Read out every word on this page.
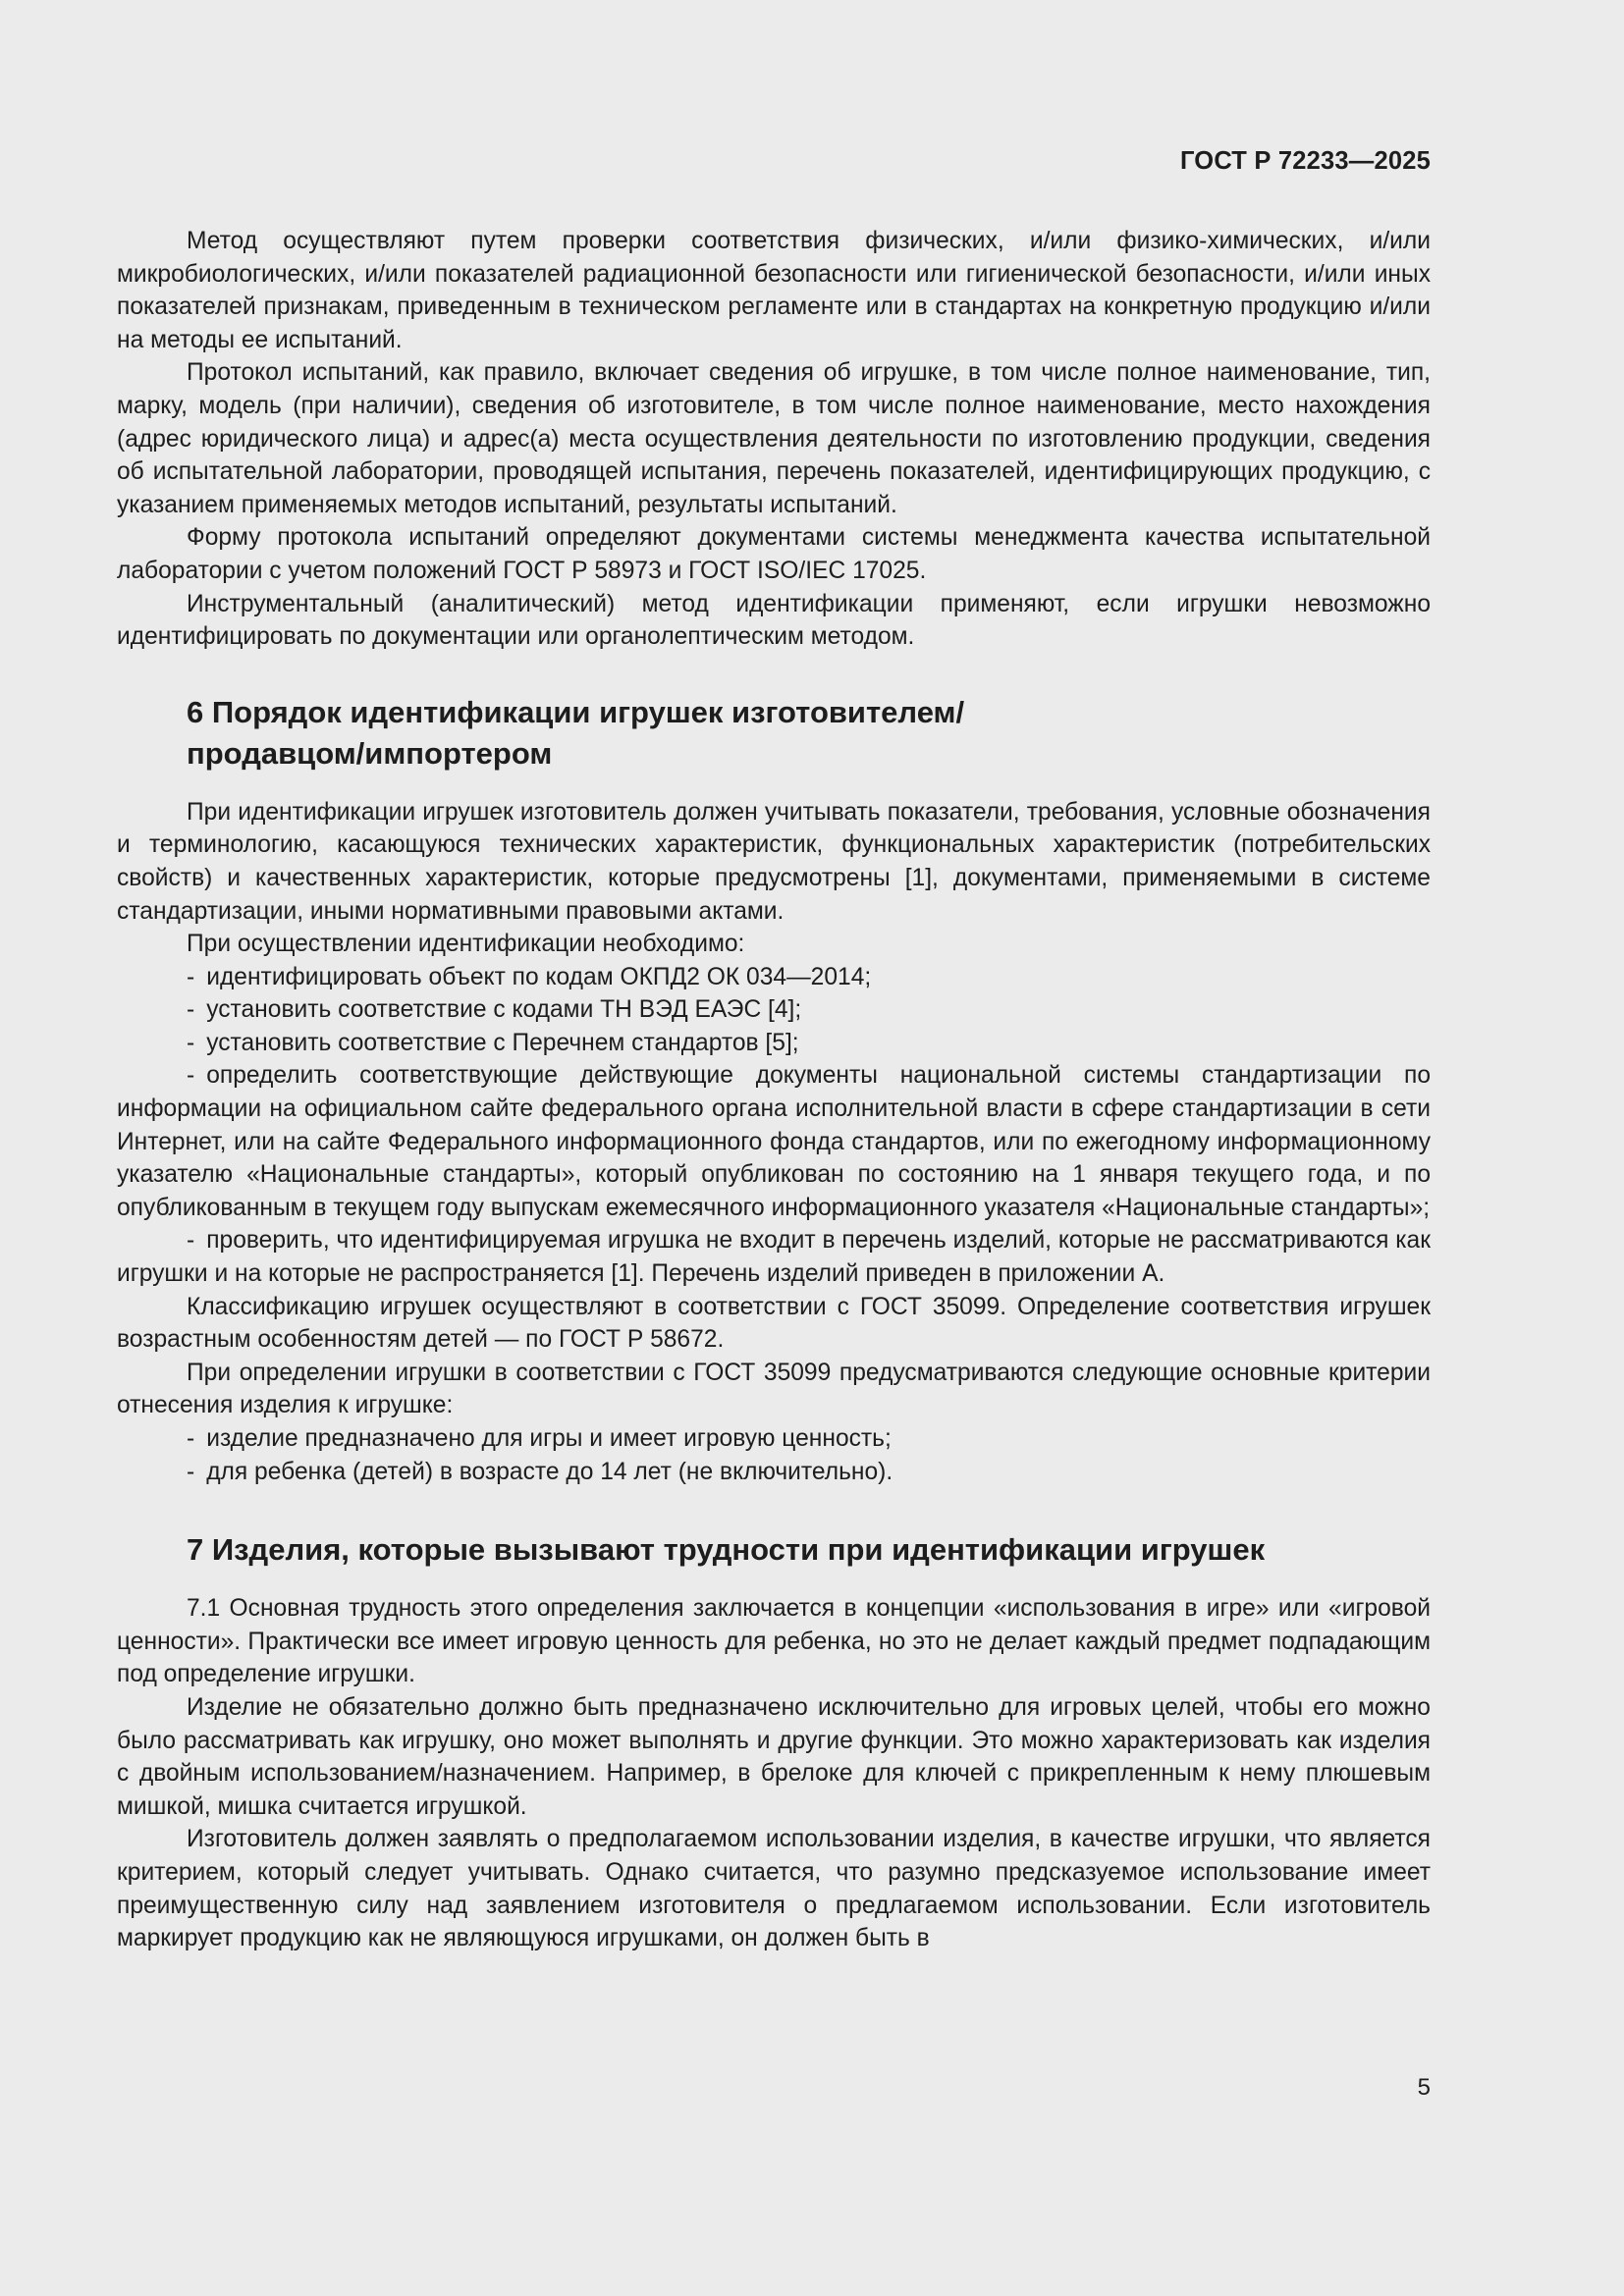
ГОСТ Р 72233—2025

Метод осуществляют путем проверки соответствия физических, и/или физико-химических, и/или микробиологических, и/или показателей радиационной безопасности или гигиенической безопасности, и/или иных показателей признакам, приведенным в техническом регламенте или в стандартах на конкретную продукцию и/или на методы ее испытаний.

Протокол испытаний, как правило, включает сведения об игрушке, в том числе полное наименование, тип, марку, модель (при наличии), сведения об изготовителе, в том числе полное наименование, место нахождения (адрес юридического лица) и адрес(а) места осуществления деятельности по изготовлению продукции, сведения об испытательной лаборатории, проводящей испытания, перечень показателей, идентифицирующих продукцию, с указанием применяемых методов испытаний, результаты испытаний.

Форму протокола испытаний определяют документами системы менеджмента качества испытательной лаборатории с учетом положений ГОСТ Р 58973 и ГОСТ ISO/IEC 17025.

Инструментальный (аналитический) метод идентификации применяют, если игрушки невозможно идентифицировать по документации или органолептическим методом.

6 Порядок идентификации игрушек изготовителем/
продавцом/импортером

При идентификации игрушек изготовитель должен учитывать показатели, требования, условные обозначения и терминологию, касающуюся технических характеристик, функциональных характеристик (потребительских свойств) и качественных характеристик, которые предусмотрены [1], документами, применяемыми в системе стандартизации, иными нормативными правовыми актами.

При осуществлении идентификации необходимо:

- идентифицировать объект по кодам ОКПД2 ОК 034—2014;

- установить соответствие с кодами ТН ВЭД ЕАЭС [4];

- установить соответствие с Перечнем стандартов [5];

- определить соответствующие действующие документы национальной системы стандартизации по информации на официальном сайте федерального органа исполнительной власти в сфере стандартизации в сети Интернет, или на сайте Федерального информационного фонда стандартов, или по ежегодному информационному указателю «Национальные стандарты», который опубликован по состоянию на 1 января текущего года, и по опубликованным в текущем году выпускам ежемесячного информационного указателя «Национальные стандарты»;

- проверить, что идентифицируемая игрушка не входит в перечень изделий, которые не рассматриваются как игрушки и на которые не распространяется [1]. Перечень изделий приведен в приложении А.

Классификацию игрушек осуществляют в соответствии с ГОСТ 35099. Определение соответствия игрушек возрастным особенностям детей — по ГОСТ Р 58672.

При определении игрушки в соответствии с ГОСТ 35099 предусматриваются следующие основные критерии отнесения изделия к игрушке:

- изделие предназначено для игры и имеет игровую ценность;

- для ребенка (детей) в возрасте до 14 лет (не включительно).

7 Изделия, которые вызывают трудности при идентификации игрушек

7.1 Основная трудность этого определения заключается в концепции «использования в игре» или «игровой ценности». Практически все имеет игровую ценность для ребенка, но это не делает каждый предмет подпадающим под определение игрушки.

Изделие не обязательно должно быть предназначено исключительно для игровых целей, чтобы его можно было рассматривать как игрушку, оно может выполнять и другие функции. Это можно характеризовать как изделия с двойным использованием/назначением. Например, в брелоке для ключей с прикрепленным к нему плюшевым мишкой, мишка считается игрушкой.

Изготовитель должен заявлять о предполагаемом использовании изделия, в качестве игрушки, что является критерием, который следует учитывать. Однако считается, что разумно предсказуемое использование имеет преимущественную силу над заявлением изготовителя о предлагаемом использовании. Если изготовитель маркирует продукцию как не являющуюся игрушками, он должен быть в

5
